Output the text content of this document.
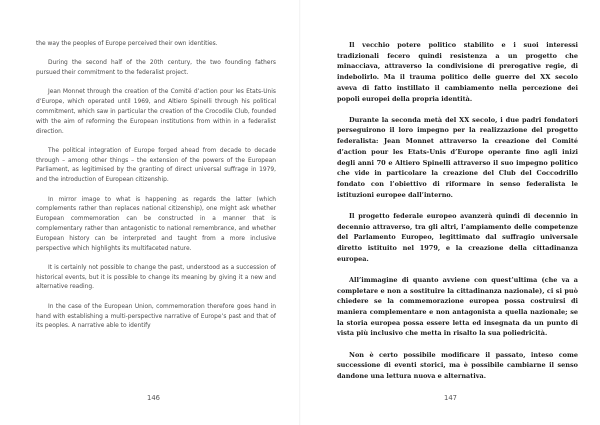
the way the peoples of Europe perceived their own identities.

During the second half of the 20th century, the two founding fathers pursued their commitment to the federalist project.

Jean Monnet through the creation of the Comité d’action pour les Etats-Unis d’Europe, which operated until 1969, and Altiero Spinelli through his political commitment, which saw in particular the creation of the Crocodile Club, founded with the aim of reforming the European institutions from within in a federalist direction.

The political integration of Europe forged ahead from decade to decade through – among other things – the extension of the powers of the European Parliament, as legitimised by the granting of direct universal suffrage in 1979, and the introduction of European citizenship.

In mirror image to what is happening as regards the latter (which complements rather than replaces national citizenship), one might ask whether European commemoration can be constructed in a manner that is complementary rather than antagonistic to national remembrance, and whether European history can be interpreted and taught from a more inclusive perspective which highlights its multifaceted nature.

It is certainly not possible to change the past, understood as a succession of historical events, but it is possible to change its meaning by giving it a new and alternative reading.

In the case of the European Union, commemoration therefore goes hand in hand with establishing a multi-perspective narrative of Europe’s past and that of its peoples. A narrative able to identify

146

Il vecchio potere politico stabilito e i suoi interessi tradizionali fecero quindi resistenza a un progetto che minacciava, attraverso la condivisione di prerogative regie, di indebolirlo. Ma il trauma politico delle guerre del XX secolo aveva di fatto instillato il cambiamento nella percezione dei popoli europei della propria identità.

Durante la seconda metà del XX secolo, i due padri fondatori perseguirono il loro impegno per la realizzazione del progetto federalista: Jean Monnet attraverso la creazione del Comité d’action pour les Etats-Unis d’Europe operante fino agli inizi degli anni 70 e Altiero Spinelli attraverso il suo impegno politico che vide in particolare la creazione del Club del Coccodrillo fondato con l’obiettivo di riformare in senso federalista le istituzioni europee dall’interno.

Il progetto federale europeo avanzerà quindi di decennio in decennio attraverso, tra gli altri, l’ampiamento delle competenze del Parlamento Europeo, legittimato dal suffragio universale diretto istituito nel 1979, e la creazione della cittadinanza europea.

All’immagine di quanto avviene con quest’ultima (che va a completare e non a sostituire la cittadinanza nazionale), ci si può chiedere se la commemorazione europea possa costruirsi di maniera complementare e non antagonista a quella nazionale; se la storia europea possa essere letta ed insegnata da un punto di vista più inclusivo che metta in risalto la sua poliedricità.

Non è certo possibile modificare il passato, inteso come successione di eventi storici, ma è possibile cambiarne il senso dandone una lettura nuova e alternativa.

147
